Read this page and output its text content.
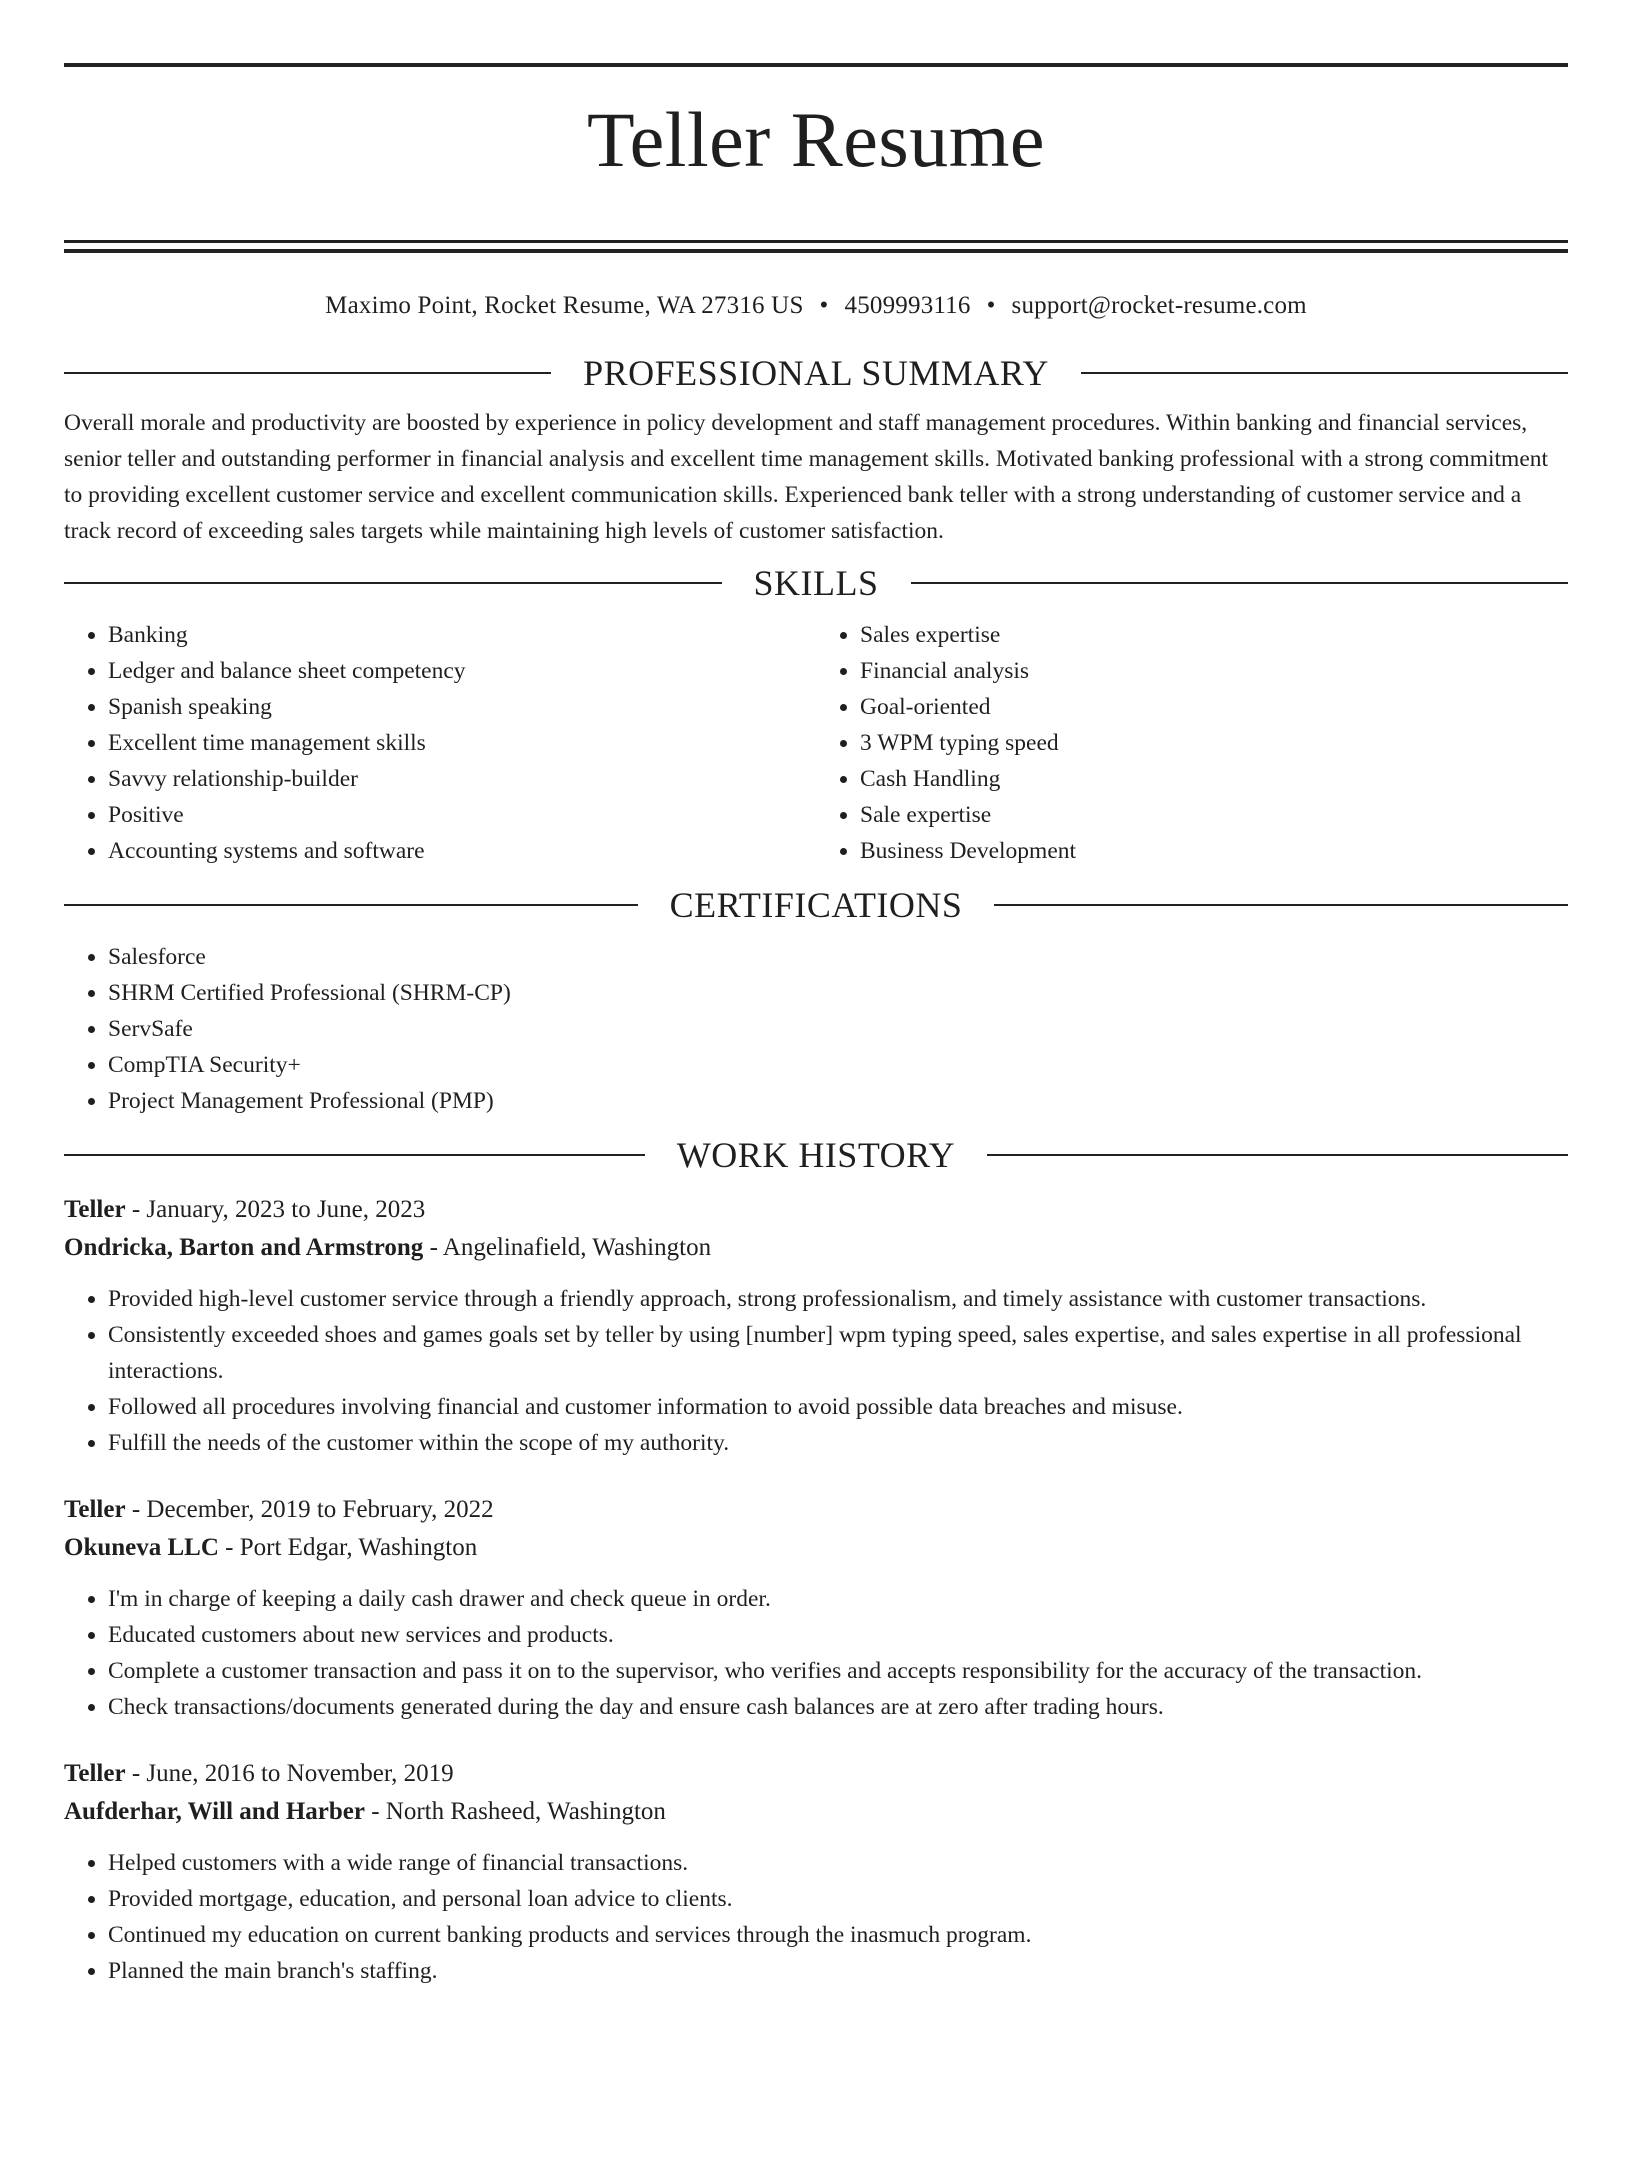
Teller Resume
Maximo Point, Rocket Resume, WA 27316 US • 4509993116 • support@rocket-resume.com
PROFESSIONAL SUMMARY

Overall morale and productivity are boosted by experience in policy development and staff management procedures. Within banking and financial services, senior teller and outstanding performer in financial analysis and excellent time management skills. Motivated banking professional with a strong commitment to providing excellent customer service and excellent communication skills. Experienced bank teller with a strong understanding of customer service and a track record of exceeding sales targets while maintaining high levels of customer satisfaction.

SKILLS
• Banking
• Ledger and balance sheet competency
• Spanish speaking
• Excellent time management skills
• Savvy relationship-builder
• Positive
• Accounting systems and software
• Sales expertise
• Financial analysis
• Goal-oriented
• 3 WPM typing speed
• Cash Handling
• Sale expertise
• Business Development
CERTIFICATIONS
• Salesforce
• SHRM Certified Professional (SHRM-CP)
• ServSafe
• CompTIA Security+
• Project Management Professional (PMP)
WORK HISTORY
Teller - January, 2023 to June, 2023
Ondricka, Barton and Armstrong - Angelinafield, Washington
• Provided high-level customer service through a friendly approach, strong professionalism, and timely assistance with customer transactions.
• Consistently exceeded shoes and games goals set by teller by using [number] wpm typing speed, sales expertise, and sales expertise in all professional interactions.
• Followed all procedures involving financial and customer information to avoid possible data breaches and misuse.
• Fulfill the needs of the customer within the scope of my authority.
Teller - December, 2019 to February, 2022
Okuneva LLC - Port Edgar, Washington
• I'm in charge of keeping a daily cash drawer and check queue in order.
• Educated customers about new services and products.
• Complete a customer transaction and pass it on to the supervisor, who verifies and accepts responsibility for the accuracy of the transaction.
• Check transactions/documents generated during the day and ensure cash balances are at zero after trading hours.
Teller - June, 2016 to November, 2019
Aufderhar, Will and Harber - North Rasheed, Washington
• Helped customers with a wide range of financial transactions.
• Provided mortgage, education, and personal loan advice to clients.
• Continued my education on current banking products and services through the inasmuch program.
• Planned the main branch's staffing.
